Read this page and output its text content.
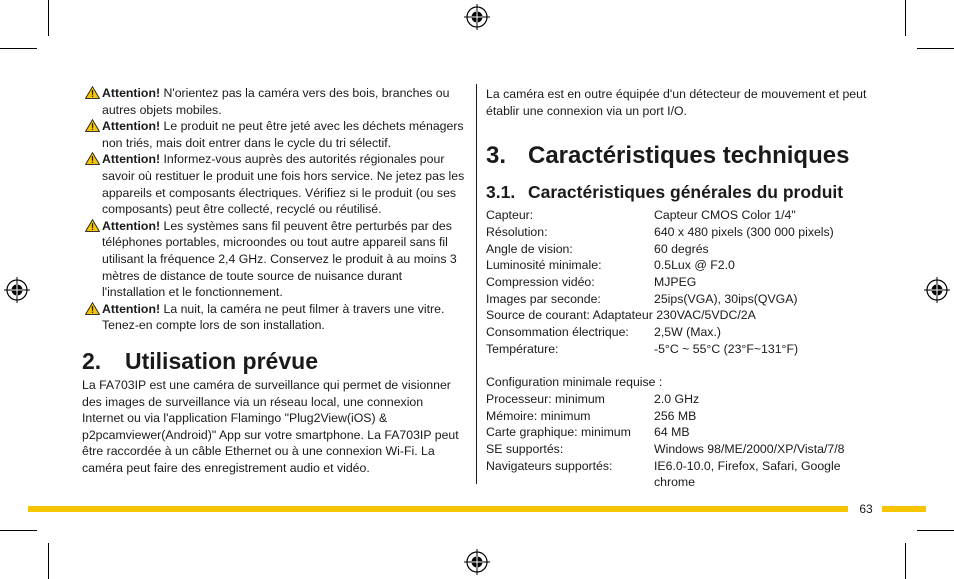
Attention! N'orientez pas la caméra vers des bois, branches ou autres objets mobiles.

Attention! Le produit ne peut être jeté avec les déchets ménagers non triés, mais doit entrer dans le cycle du tri sélectif.

Attention! Informez-vous auprès des autorités régionales pour savoir où restituer le produit une fois hors service. Ne jetez pas les appareils et composants électriques. Vérifiez si le produit (ou ses composants) peut être collecté, recyclé ou réutilisé.

Attention! Les systèmes sans fil peuvent être perturbés par des téléphones portables, microondes ou tout autre appareil sans fil utilisant la fréquence 2,4 GHz. Conservez le produit à au moins 3 mètres de distance de toute source de nuisance durant l'installation et le fonctionnement.

Attention! La nuit, la caméra ne peut filmer à travers une vitre. Tenez-en compte lors de son installation.

2.	Utilisation prévue

La FA703IP est une caméra de surveillance qui permet de visionner des images de surveillance via un réseau local, une connexion Internet ou via l'application Flamingo "Plug2View(iOS) & p2pcamviewer(Android)" App sur votre smartphone. La FA703IP peut être raccordée à un câble Ethernet ou à une connexion Wi-Fi. La caméra peut faire des enregistrement audio et vidéo.

La caméra est en outre équipée d'un détecteur de mouvement et peut établir une connexion via un port I/O.

3. Caractéristiques techniques
3.1. Caractéristiques générales du produit
Capteur:	Capteur CMOS Color 1/4"
Résolution:	640 x 480 pixels (300 000 pixels)
Angle de vision:	60 degrés
Luminosité minimale:	0.5Lux @ F2.0
Compression vidéo:	MJPEG
Images par seconde:	25ips(VGA), 30ips(QVGA)

Source de courant: Adaptateur 230VAC/5VDC/2A

Consommation électrique:	2,5W (Max.)
Température:	-5°C ~ 55°C (23°F~131°F)

Configuration minimale requise :

Processeur: minimum	2.0 GHz
Mémoire: minimum	256 MB
Carte graphique: minimum	64 MB
SE supportés:	Windows 98/ME/2000/XP/Vista/7/8
Navigateurs supportés:	IE6.0-10.0, Firefox, Safari, Google chrome
63
